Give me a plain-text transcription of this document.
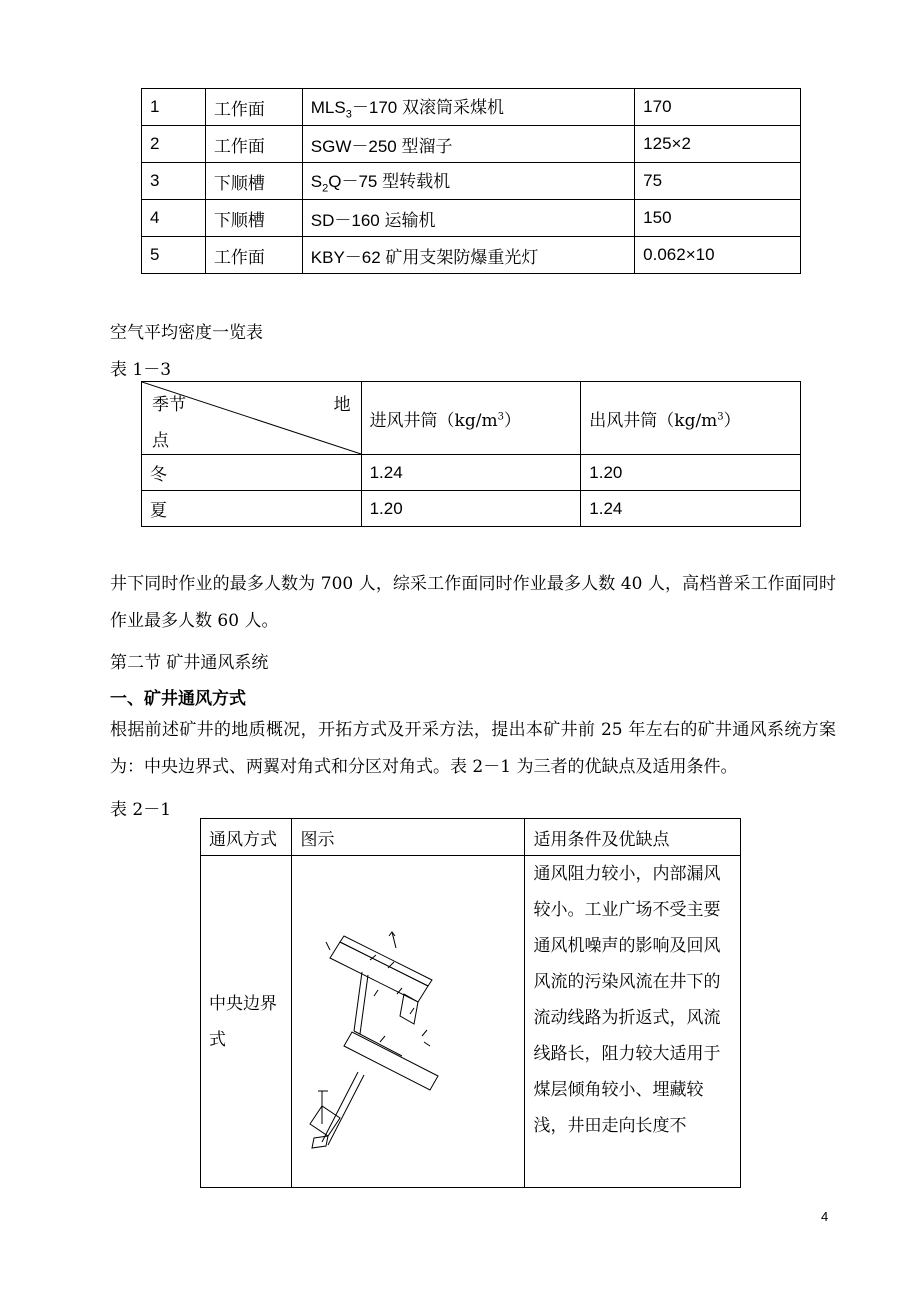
1	工作面	$MLS_3-170$ 双滚筒采煤机	170
2	工作面	SGW－250 型溜子	125×2
3	下顺槽	$S_2Q-75$ 型转载机	75
4	下顺槽	SD－160 运输机	150
5	工作面	KBY－62 矿用支架防爆重光灯	0.062×10
空气平均密度一览表
表 1－3
季节 地
点	进风井筒$(kg/m^3)$	出风井筒$(kg/m^3)$
冬	1.24	1.20
夏	1.20	1.24
井下同时作业的最多人数为 700 人，综采工作面同时作业最多人数 40 人，高档普采工作面同时作业最多人数 60 人。
第二节 矿井通风系统
一、矿井通风方式
根据前述矿井的地质概况，开拓方式及开采方法，提出本矿井前 25 年左右的矿井通风系统方案为：中央边界式、两翼对角式和分区对角式。表 2－1 为三者的优缺点及适用条件。
表 2－1
通风方式	图示	适用条件及优缺点
中央边界式		通风阻力较小，内部漏风较小。工业广场不受主要通风机噪声的影响及回风风流的污染风流在井下的流动线路为折返式，风流线路长，阻力较大适用于煤层倾角较小、埋藏较浅，井田走向长度不
4
